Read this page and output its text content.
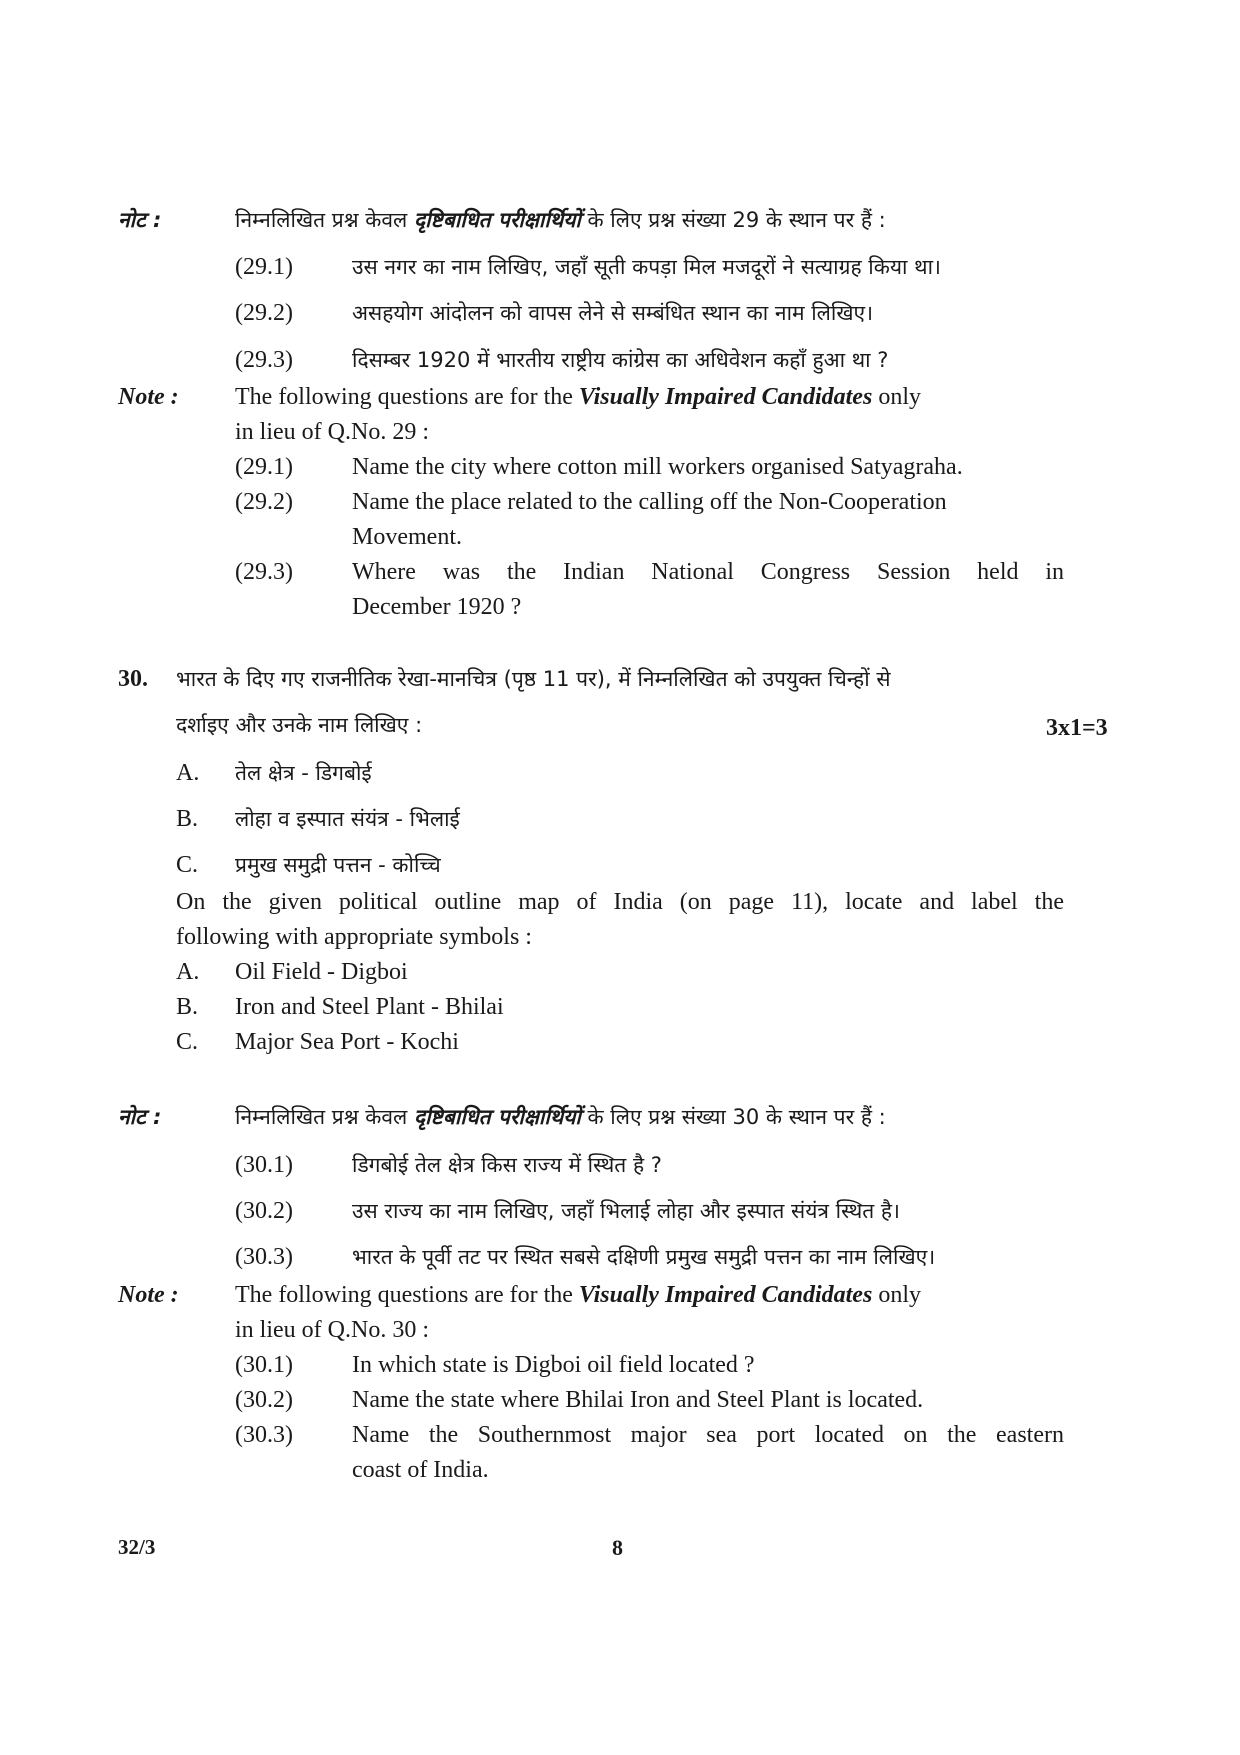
नोट :	निम्नलिखित प्रश्न केवल दृष्टिबाधित परीक्षार्थियों के लिए प्रश्न संख्या 29 के स्थान पर हैं :
(29.1)	उस नगर का नाम लिखिए, जहाँ सूती कपड़ा मिल मजदूरों ने सत्याग्रह किया था।
(29.2)	असहयोग आंदोलन को वापस लेने से सम्बंधित स्थान का नाम लिखिए।
(29.3)	दिसम्बर 1920 में भारतीय राष्ट्रीय कांग्रेस का अधिवेशन कहाँ हुआ था ?
Note : The following questions are for the Visually Impaired Candidates only
in lieu of Q.No. 29 :
(29.1) Name the city where cotton mill workers organised Satyagraha.
(29.2) Name the place related to the calling off the Non-Cooperation
Movement.
(29.3) Where was the Indian National Congress Session held in
December 1920 ?
30. भारत के दिए गए राजनीतिक रेखा-मानचित्र (पृष्ठ 11 पर), में निम्नलिखित को उपयुक्त चिन्हों से
दर्शाइए और उनके नाम लिखिए :	3x1=3
A. तेल क्षेत्र - डिगबोई
B. लोहा व इस्पात संयंत्र - भिलाई
C. प्रमुख समुद्री पत्तन - कोच्चि
On the given political outline map of India (on page 11), locate and label the
following with appropriate symbols :
A. Oil Field - Digboi
B. Iron and Steel Plant - Bhilai
C. Major Sea Port - Kochi
नोट :	निम्नलिखित प्रश्न केवल दृष्टिबाधित परीक्षार्थियों के लिए प्रश्न संख्या 30 के स्थान पर हैं :
(30.1)	डिगबोई तेल क्षेत्र किस राज्य में स्थित है ?
(30.2)	उस राज्य का नाम लिखिए, जहाँ भिलाई लोहा और इस्पात संयंत्र स्थित है।
(30.3)	भारत के पूर्वी तट पर स्थित सबसे दक्षिणी प्रमुख समुद्री पत्तन का नाम लिखिए।
Note : The following questions are for the Visually Impaired Candidates only
in lieu of Q.No. 30 :
(30.1) In which state is Digboi oil field located ?
(30.2) Name the state where Bhilai Iron and Steel Plant is located.
(30.3) Name the Southernmost major sea port located on the eastern
coast of India.
32/3	8
